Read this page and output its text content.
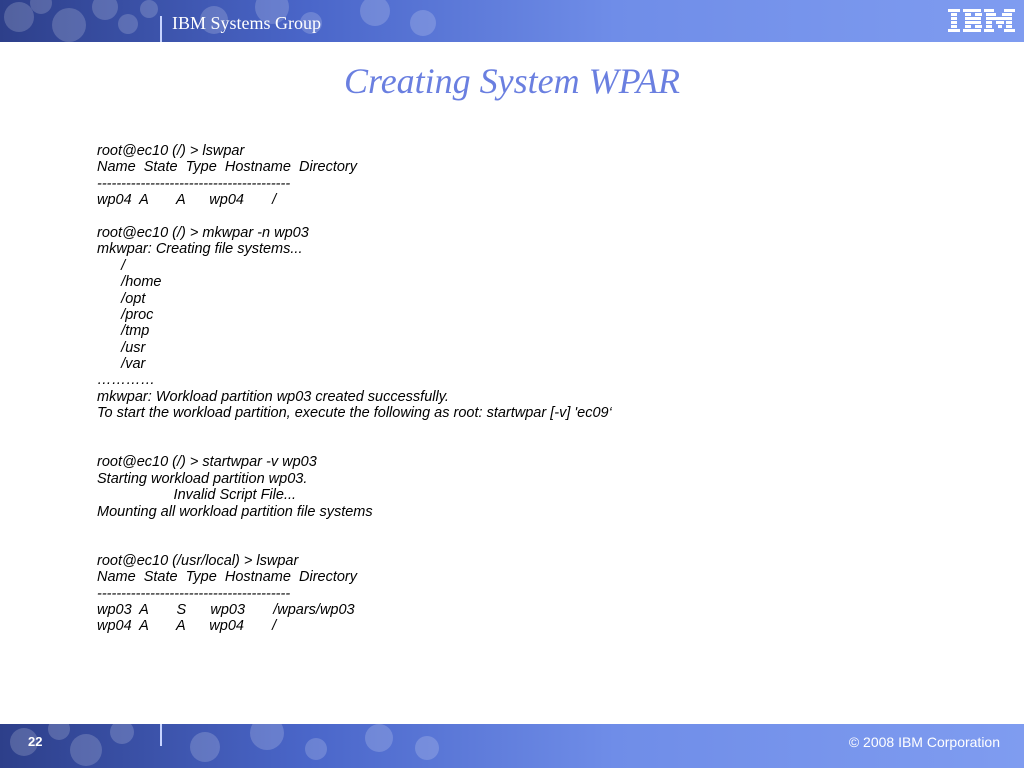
IBM Systems Group
Creating System WPAR
root@ec10 (/) > lswpar
Name  State  Type  Hostname  Directory
----------------------------------------
wp04  A       A      wp04       /
root@ec10 (/) > mkwpar -n wp03
mkwpar: Creating file systems...
/
/home
/opt
/proc
/tmp
/usr
/var
…………
mkwpar: Workload partition wp03 created successfully.
To start the workload partition, execute the following as root: startwpar [-v] 'ec09‘
root@ec10 (/) > startwpar -v wp03
Starting workload partition wp03.
Invalid Script File...
Mounting all workload partition file systems
root@ec10 (/usr/local) > lswpar
Name  State  Type  Hostname  Directory
----------------------------------------
wp03  A       S      wp03       /wpars/wp03
wp04  A       A      wp04       /
22	© 2008 IBM Corporation
